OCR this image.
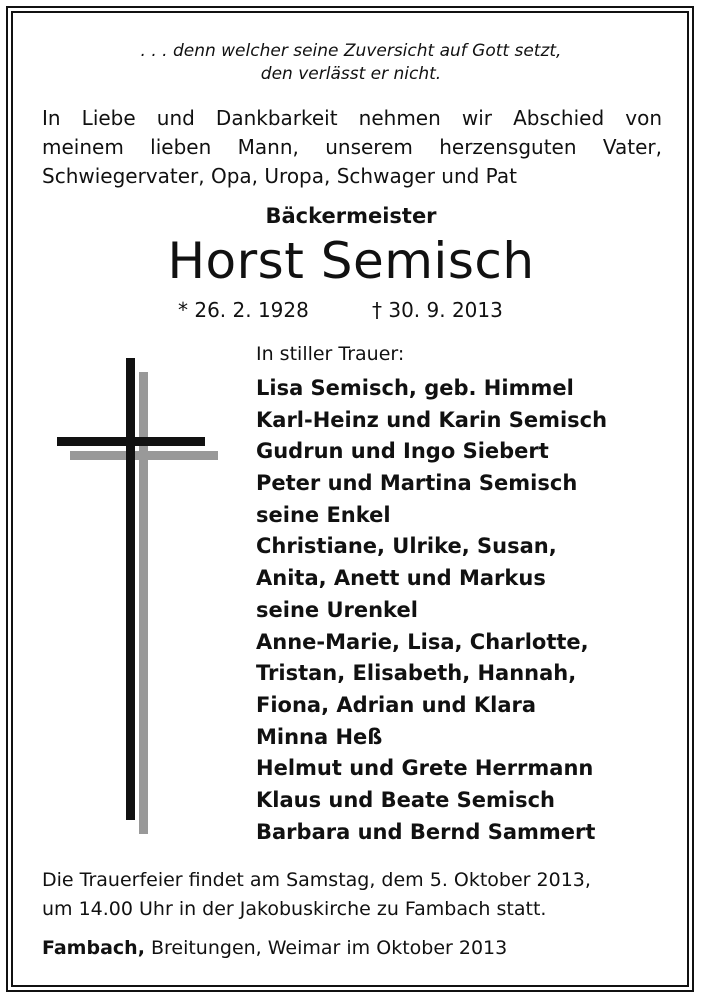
. . . denn welcher seine Zuversicht auf Gott setzt,
den verlässt er nicht.
In Liebe und Dankbarkeit nehmen wir Abschied von
meinem lieben Mann, unserem herzensguten Vater,
Schwiegervater, Opa, Uropa, Schwager und Pat
Bäckermeister
Horst Semisch
* 26. 2. 1928	† 30. 9. 2013
In stiller Trauer:
Lisa Semisch, geb. Himmel
Karl-Heinz und Karin Semisch
Gudrun und Ingo Siebert
Peter und Martina Semisch
seine Enkel
Christiane, Ulrike, Susan,
Anita, Anett und Markus
seine Urenkel
Anne-Marie, Lisa, Charlotte,
Tristan, Elisabeth, Hannah,
Fiona, Adrian und Klara
Minna Heß
Helmut und Grete Herrmann
Klaus und Beate Semisch
Barbara und Bernd Sammert
Die Trauerfeier findet am Samstag, dem 5. Oktober 2013,
um 14.00 Uhr in der Jakobuskirche zu Fambach statt.
Fambach, Breitungen, Weimar im Oktober 2013
